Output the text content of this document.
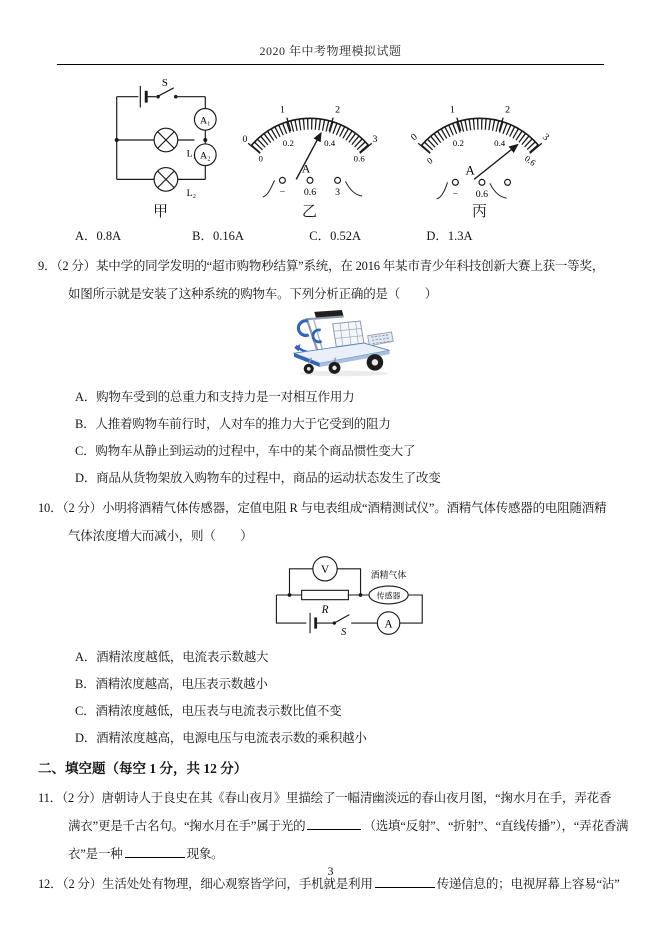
2020 年中考物理模拟试题
S
A₁
A₂
L₁
L₂
甲
0
1	2
3
0
0.2	0.4
0.6
A
− 0.6 3
乙
0
1	2
3
0
0.2	0.4
0.6
A
− 0.6
丙
A．0.8A	B．0.16A	C．0.52A	D．1.3A
9．（2 分）某中学的同学发明的“超市购物秒结算”系统，在 2016 年某市青少年科技创新大赛上获一等奖，
如图所示就是安装了这种系统的购物车。下列分析正确的是（　　）
A．购物车受到的总重力和支持力是一对相互作用力
B．人推着购物车前行时，人对车的推力大于它受到的阻力
C．购物车从静止到运动的过程中，车中的某个商品惯性变大了
D．商品从货物架放入购物车的过程中，商品的运动状态发生了改变
10．（2 分）小明将酒精气体传感器，定值电阻 R 与电表组成“酒精测试仪”。酒精气体传感器的电阻随酒精
气体浓度增大而减小，则（　　）
V
R
酒精气体
传感器
A
S
A．酒精浓度越低，电流表示数越大
B．酒精浓度越高，电压表示数越小
C．酒精浓度越低，电压表与电流表示数比值不变
D．酒精浓度越高，电源电压与电流表示数的乘积越小
二、填空题（每空 1 分，共 12 分）
11．（2 分）唐朝诗人于良史在其《春山夜月》里描绘了一幅清幽淡远的春山夜月图，“掬水月在手，弄花香
满衣”更是千古名句。“掬水月在手”属于光的	（选填“反射”、“折射”、“直线传播”），“弄花香满
衣”是一种	现象。
12．（2 分）生活处处有物理，细心观察皆学问，手机就是利用	传递信息的；电视屏幕上容易“沾”
3
